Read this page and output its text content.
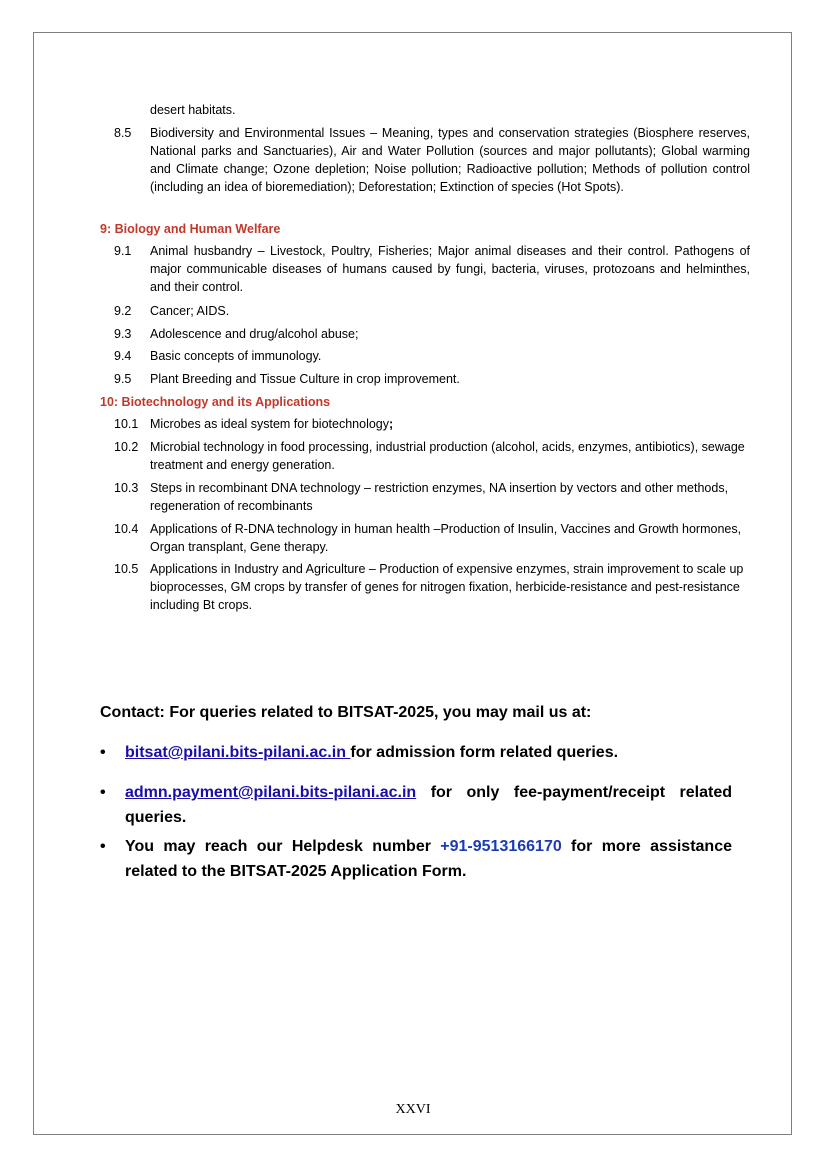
desert habitats.
8.5	Biodiversity and Environmental Issues – Meaning, types and conservation strategies (Biosphere reserves, National parks and Sanctuaries), Air and Water Pollution (sources and major pollutants); Global warming and Climate change; Ozone depletion; Noise pollution; Radioactive pollution; Methods of pollution control (including an idea of bioremediation); Deforestation; Extinction of species (Hot Spots).
9: Biology and Human Welfare
9.1	Animal husbandry – Livestock, Poultry, Fisheries; Major animal diseases and their control. Pathogens of major communicable diseases of humans caused by fungi, bacteria, viruses, protozoans and helminthes, and their control.
9.2	Cancer; AIDS.
9.3	Adolescence and drug/alcohol abuse;
9.4	Basic concepts of immunology.
9.5	Plant Breeding and Tissue Culture in crop improvement.
10: Biotechnology and its Applications
10.1 Microbes as ideal system for biotechnology;
10.2 Microbial technology in food processing, industrial production (alcohol, acids, enzymes, antibiotics), sewage treatment and energy generation.
10.3 Steps in recombinant DNA technology – restriction enzymes, NA insertion by vectors and other methods, regeneration of recombinants
10.4 Applications of R-DNA technology in human health –Production of Insulin, Vaccines and Growth hormones, Organ transplant, Gene therapy.
10.5 Applications in Industry and Agriculture – Production of expensive enzymes, strain improvement to scale up bioprocesses, GM crops by transfer of genes for nitrogen fixation, herbicide-resistance and pest-resistance including Bt crops.
Contact: For queries related to BITSAT-2025, you may mail us at:
•	bitsat@pilani.bits-pilani.ac.in for admission form related queries.
•	admn.payment@pilani.bits-pilani.ac.in for only fee-payment/receipt related queries.
•	You may reach our Helpdesk number +91-9513166170 for more assistance related to the BITSAT-2025 Application Form.
XXVI
